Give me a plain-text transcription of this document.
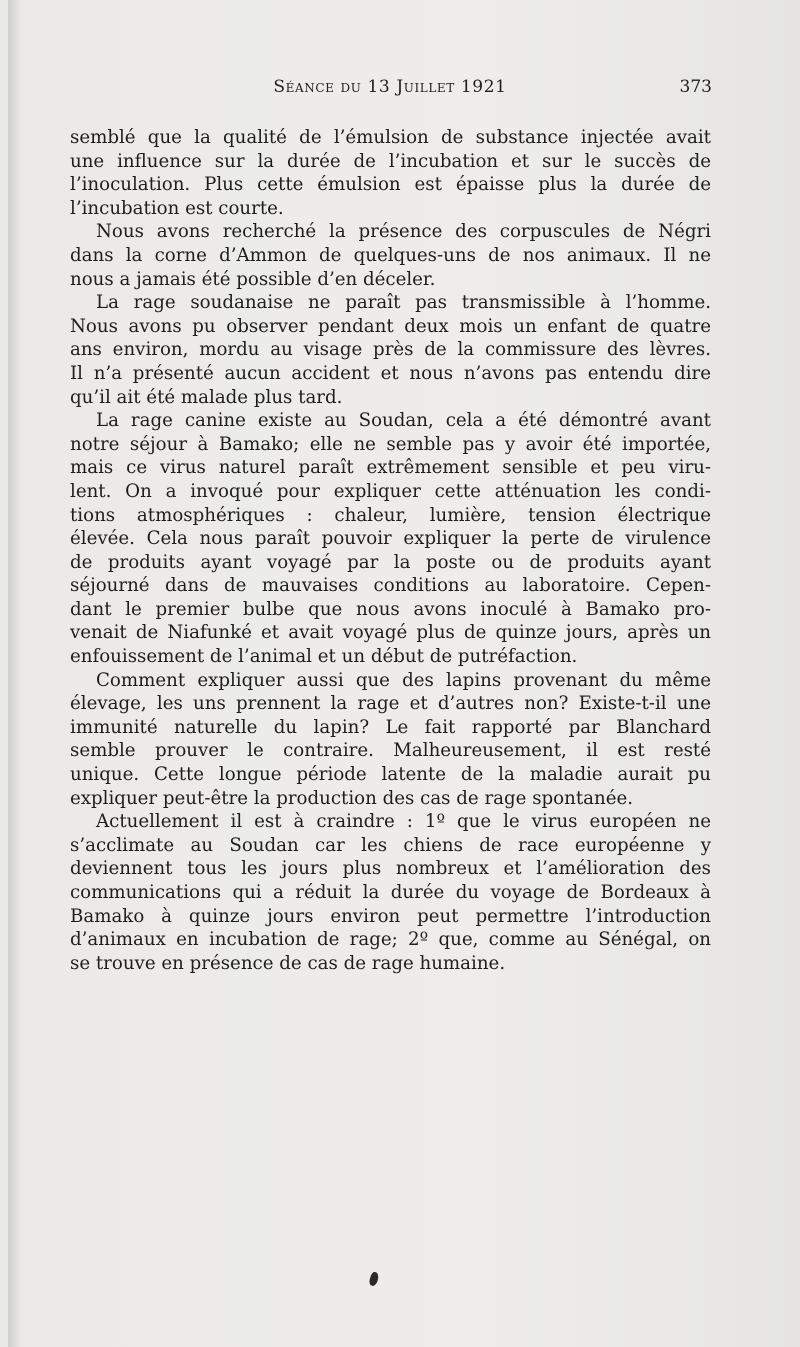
Séance du 13 Juillet 1921	373

semblé que la qualité de l’émulsion de substance injectée avait
une influence sur la durée de l’incubation et sur le succès de
l’inoculation. Plus cette émulsion est épaisse plus la durée de
l’incubation est courte.

Nous avons recherché la présence des corpuscules de Négri
dans la corne d’Ammon de quelques-uns de nos animaux. Il ne
nous a jamais été possible d’en déceler.

La rage soudanaise ne paraît pas transmissible à l’homme.
Nous avons pu observer pendant deux mois un enfant de quatre
ans environ, mordu au visage près de la commissure des lèvres.
Il n’a présenté aucun accident et nous n’avons pas entendu dire
qu’il ait été malade plus tard.

La rage canine existe au Soudan, cela a été démontré avant
notre séjour à Bamako; elle ne semble pas y avoir été importée,
mais ce virus naturel paraît extrêmement sensible et peu viru-
lent. On a invoqué pour expliquer cette atténuation les condi-
tions atmosphériques : chaleur, lumière, tension électrique
élevée. Cela nous paraît pouvoir expliquer la perte de virulence
de produits ayant voyagé par la poste ou de produits ayant
séjourné dans de mauvaises conditions au laboratoire. Cepen-
dant le premier bulbe que nous avons inoculé à Bamako pro-
venait de Niafunké et avait voyagé plus de quinze jours, après un
enfouissement de l’animal et un début de putréfaction.

Comment expliquer aussi que des lapins provenant du même
élevage, les uns prennent la rage et d’autres non? Existe-t-il une
immunité naturelle du lapin? Le fait rapporté par Blanchard
semble prouver le contraire. Malheureusement, il est resté
unique. Cette longue période latente de la maladie aurait pu
expliquer peut-être la production des cas de rage spontanée.

Actuellement il est à craindre : 1º que le virus européen ne
s’acclimate au Soudan car les chiens de race européenne y
deviennent tous les jours plus nombreux et l’amélioration des
communications qui a réduit la durée du voyage de Bordeaux à
Bamako à quinze jours environ peut permettre l’introduction
d’animaux en incubation de rage; 2º que, comme au Sénégal, on
se trouve en présence de cas de rage humaine.
